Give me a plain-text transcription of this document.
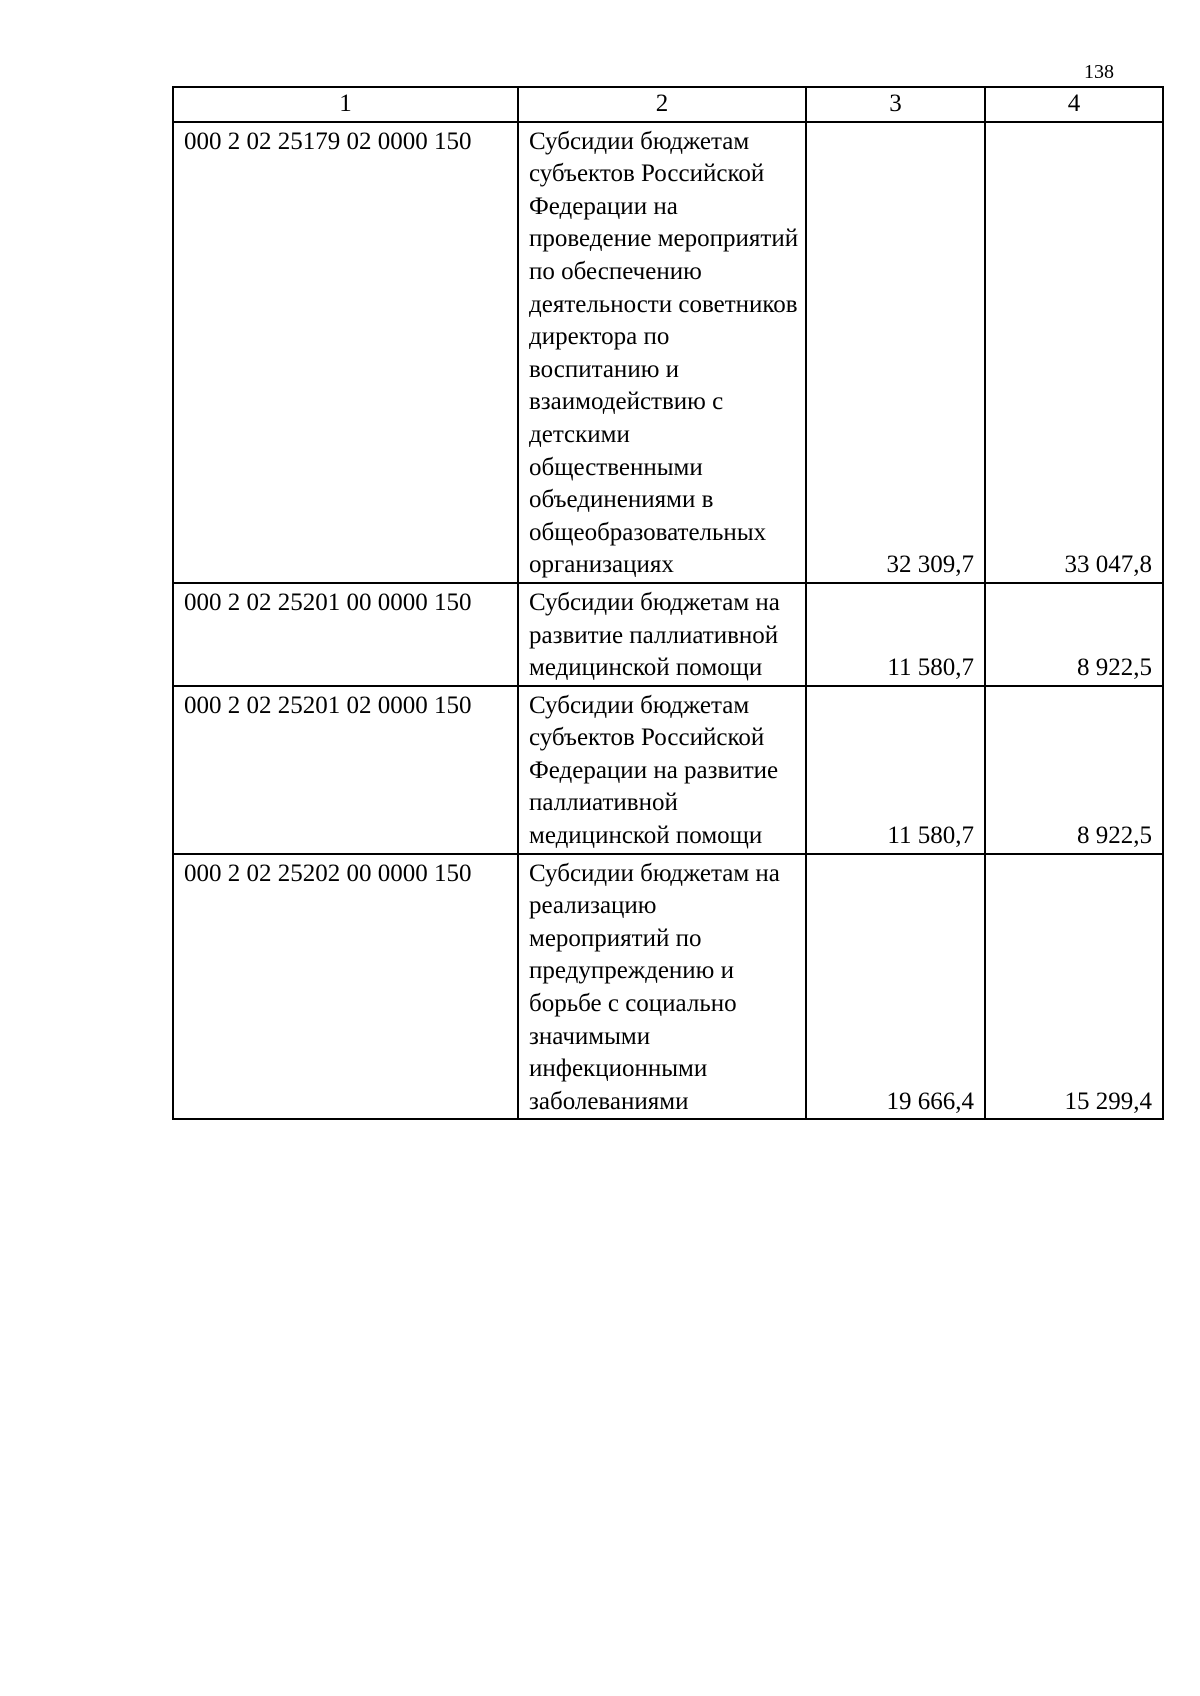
138
1	2	3	4
000 2 02 25179 02 0000 150	Субсидии бюджетам субъектов Российской Федерации на проведение мероприятий по обеспечению деятельности советников директора по воспитанию и взаимодействию с детскими общественными объединениями в общеобразовательных организациях	32 309,7	33 047,8
000 2 02 25201 00 0000 150	Субсидии бюджетам на развитие паллиативной медицинской помощи	11 580,7	8 922,5
000 2 02 25201 02 0000 150	Субсидии бюджетам субъектов Российской Федерации на развитие паллиативной медицинской помощи	11 580,7	8 922,5
000 2 02 25202 00 0000 150	Субсидии бюджетам на реализацию мероприятий по предупреждению и борьбе с социально значимыми инфекционными заболеваниями	19 666,4	15 299,4
